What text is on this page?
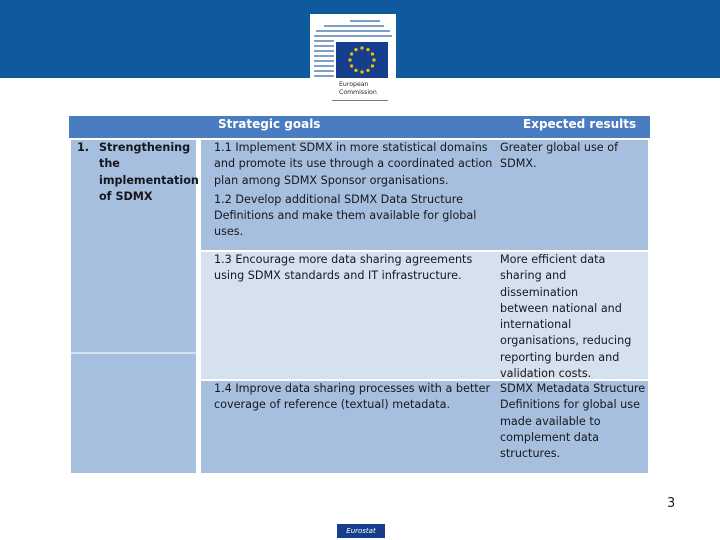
European
Commission
Strategic goals	Expected results
1. Strengthening
the
implementation
of SDMX
1.1 Implement SDMX in more statistical domains
and promote its use through a coordinated action
plan among SDMX Sponsor organisations.
1.2 Develop additional SDMX Data Structure
Definitions and make them available for global
uses.
Greater global use of
SDMX.
1.3 Encourage more data sharing agreements
using SDMX standards and IT infrastructure.
More efficient data
sharing and dissemination
between national and
international
organisations, reducing
reporting burden and
validation costs.
1.4 Improve data sharing processes with a better
coverage of reference (textual) metadata.
SDMX Metadata Structure
Definitions for global use
made available to
complement data
structures.
3
Eurostat
